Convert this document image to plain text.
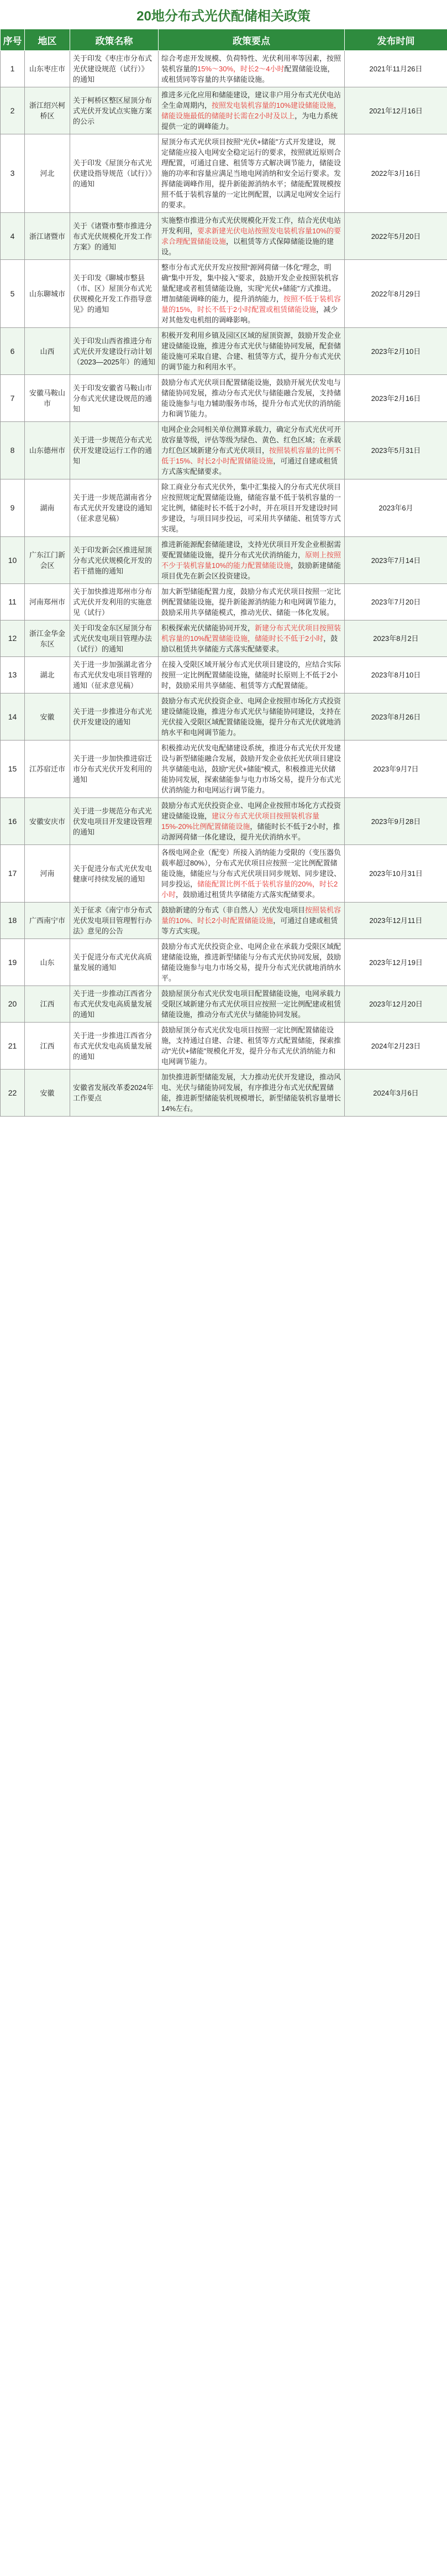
20地分布式光伏配储相关政策
序号	地区	政策名称	政策要点	发布时间
1	山东枣庄市	关于印发《枣庄市分布式光伏建设规范（试行）》的通知	综合考虑开发规模、负荷特性、光伏利用率等因素，按照装机容量的15%～30%，时长2～4小时配置储能设施，或租赁同等容量的共享储能设施。	2021年11月26日
2	浙江绍兴柯桥区	关于柯桥区整区屋顶分布式光伏开发试点实施方案的公示	推进多元化应用和储能建设，建议非户用分布式光伏电站全生命周期内，按照发电装机容量的10%建设储能设施，储能设施最低的储能时长需在2小时及以上，为电力系统提供一定的调峰能力。	2021年12月16日
3	河北	关于印发《屋顶分布式光伏建设指导规范（试行）》的通知	屋顶分布式光伏项目按照“光伏+储能”方式开发建设，规定储能应接入电网安全稳定运行的要求，按照就近原则合理配置，可通过自建、租赁等方式解决调节能力，储能设施的功率和容量应满足当地电网消纳和安全运行要求。发挥储能调峰作用，提升新能源消纳水平；储能配置规模按照不低于装机容量的一定比例配置，以满足电网安全运行的要求。	2022年3月16日
4	浙江诸暨市	关于《诸暨市整市推进分布式光伏规模化开发工作方案》的通知	实施整市推进分布式光伏规模化开发工作，结合光伏电站开发利用，要求新建光伏电站按照发电装机容量10%的要求合理配置储能设施，以租赁等方式保障储能设施的建设。	2022年5月20日
5	山东聊城市	关于印发《聊城市整县（市、区）屋顶分布式光伏规模化开发工作指导意见》的通知	整市分布式光伏开发应按照“源网荷储一体化”理念，明确“集中开发，集中接入”要求，鼓励开发企业按照装机容量配建或者租赁储能设施，实现“光伏+储能”方式推进。增加储能调峰的能力，提升消纳能力，按照不低于装机容量的15%，时长不低于2小时配置或租赁储能设施，减少对其他发电机组的调峰影响。	2022年8月29日
6	山西	关于印发山西省推进分布式光伏开发建设行动计划（2023—2025年）的通知	积极开发利用乡镇及园区区域的屋顶资源，鼓励开发企业建设储能设施，推进分布式光伏与储能协同发展，配套储能设施可采取自建、合建、租赁等方式，提升分布式光伏的调节能力和利用水平。	2023年2月10日
7	安徽马鞍山市	关于印发安徽省马鞍山市分布式光伏建设规范的通知	鼓励分布式光伏项目配置储能设施，鼓励开展光伏发电与储能协同发展，推动分布式光伏与储能融合发展，支持储能设施参与电力辅助服务市场，提升分布式光伏的消纳能力和调节能力。	2023年2月16日
8	山东德州市	关于进一步规范分布式光伏开发建设运行工作的通知	电网企业会同相关单位测算承载力，确定分布式光伏可开放容量等级，评估等级为绿色、黄色、红色区域；在承载力红色区域新建分布式光伏项目，按照装机容量的比例不低于15%、时长2小时配置储能设施，可通过自建或租赁方式落实配储要求。	2023年5月31日
9	湖南	关于进一步规范湖南省分布式光伏开发建设的通知（征求意见稿）	除工商业分布式光伏外，集中汇集接入的分布式光伏项目应按照规定配置储能设施，储能容量不低于装机容量的一定比例，储能时长不低于2小时，并在项目开发建设时同步建设，与项目同步投运，可采用共享储能、租赁等方式实现。	2023年6月
10	广东江门新会区	关于印发新会区推进屋顶分布式光伏规模化开发的若干措施的通知	推进新能源配套储能建设，支持光伏项目开发企业根据需要配置储能设施，提升分布式光伏消纳能力，原则上按照不少于装机容量10%的能力配置储能设施，鼓励新建储能项目优先在新会区投资建设。	2023年7月14日
11	河南郑州市	关于加快推进郑州市分布式光伏开发利用的实施意见（试行）	加大新型储能配置力度，鼓励分布式光伏项目按照一定比例配置储能设施，提升新能源消纳能力和电网调节能力，鼓励采用共享储能模式，推动光伏、储能一体化发展。	2023年7月20日
12	浙江金华金东区	关于印发金东区屋顶分布式光伏发电项目管理办法（试行）的通知	积极探索光伏储能协同开发，新建分布式光伏项目按照装机容量的10%配置储能设施，储能时长不低于2小时，鼓励以租赁共享储能方式落实配储要求。	2023年8月2日
13	湖北	关于进一步加强湖北省分布式光伏发电项目管理的通知（征求意见稿）	在接入受限区域开展分布式光伏项目建设的，应结合实际按照一定比例配置储能设施，储能时长原则上不低于2小时，鼓励采用共享储能、租赁等方式配置储能。	2023年8月10日
14	安徽	关于进一步推进分布式光伏开发建设的通知	鼓励分布式光伏投资企业、电网企业按照市场化方式投资建设储能设施，推进分布式光伏与储能协同建设，支持在光伏接入受限区域配置储能设施，提升分布式光伏就地消纳水平和电网调节能力。	2023年8月26日
15	江苏宿迁市	关于进一步加快推进宿迁市分布式光伏开发利用的通知	积极推动光伏发电配储建设系统，推进分布式光伏开发建设与新型储能融合发展，鼓励开发企业依托光伏项目建设共享储能电站，鼓励“光伏+储能”模式，积极推进光伏储能协同发展，探索储能参与电力市场交易，提升分布式光伏消纳能力和电网运行调节能力。	2023年9月7日
16	安徽安庆市	关于进一步规范分布式光伏发电项目开发建设管理的通知	鼓励分布式光伏投资企业、电网企业按照市场化方式投资建设储能设施，建议分布式光伏项目按照装机容量15%-20%比例配置储能设施，储能时长不低于2小时，推动源网荷储一体化建设，提升光伏消纳水平。	2023年9月28日
17	河南	关于促进分布式光伏发电健康可持续发展的通知	各级电网企业（配变）所接入消纳能力受限的（变压器负载率超过80%），分布式光伏项目应按照一定比例配置储能设施，储能应与分布式光伏项目同步规划、同步建设、同步投运，储能配置比例不低于装机容量的20%，时长2小时，鼓励通过租赁共享储能方式落实配储要求。	2023年10月31日
18	广西南宁市	关于征求《南宁市分布式光伏发电项目管理暂行办法》意见的公告	鼓励新建的分布式（非自然人）光伏发电项目按照装机容量的10%、时长2小时配置储能设施，可通过自建或租赁等方式实现。	2023年12月11日
19	山东	关于促进分布式光伏高质量发展的通知	鼓励分布式光伏投资企业、电网企业在承载力受限区域配建储能设施，推进新型储能与分布式光伏协同发展，鼓励储能设施参与电力市场交易，提升分布式光伏就地消纳水平。	2023年12月19日
20	江西	关于进一步推动江西省分布式光伏发电高质量发展的通知	鼓励屋顶分布式光伏发电项目配置储能设施，电网承载力受限区域新建分布式光伏项目应按照一定比例配建或租赁储能设施，推动分布式光伏与储能协同发展。	2023年12月20日
21	江西	关于进一步推进江西省分布式光伏发电高质量发展的通知	鼓励屋顶分布式光伏发电项目按照一定比例配置储能设施，支持通过自建、合建、租赁等方式配置储能，探索推动“光伏+储能”规模化开发，提升分布式光伏消纳能力和电网调节能力。	2024年2月23日
22	安徽	安徽省发展改革委2024年工作要点	加快推进新型储能发展，大力推动光伏开发建设，推动风电、光伏与储能协同发展，有序推进分布式光伏配置储能，推进新型储能装机规模增长，新型储能装机容量增长14%左右。	2024年3月6日
